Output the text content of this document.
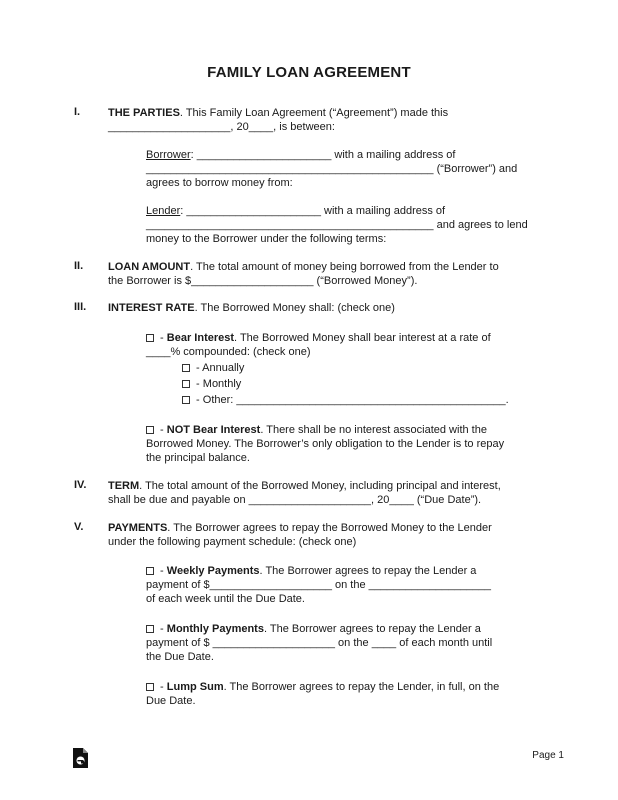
FAMILY LOAN AGREEMENT
I.	THE PARTIES. This Family Loan Agreement (“Agreement”) made this
____________________, 20____, is between:
Borrower: ______________________ with a mailing address of
_______________________________________________ (“Borrower”) and
agrees to borrow money from:
Lender: ______________________ with a mailing address of
_______________________________________________ and agrees to lend
money to the Borrower under the following terms:
II. LOAN AMOUNT. The total amount of money being borrowed from the Lender to
the Borrower is $____________________ (“Borrowed Money”).
III. INTEREST RATE. The Borrowed Money shall: (check one)
- Bear Interest. The Borrowed Money shall bear interest at a rate of
____% compounded: (check one)
- Annually
- Monthly
- Other: ____________________________________________.
- NOT Bear Interest. There shall be no interest associated with the
Borrowed Money. The Borrower’s only obligation to the Lender is to repay
the principal balance.
IV. TERM. The total amount of the Borrowed Money, including principal and interest,
shall be due and payable on ____________________, 20____ (“Due Date”).
V. PAYMENTS. The Borrower agrees to repay the Borrowed Money to the Lender
under the following payment schedule: (check one)
- Weekly Payments. The Borrower agrees to repay the Lender a
payment of $____________________ on the ____________________
of each week until the Due Date.
- Monthly Payments. The Borrower agrees to repay the Lender a
payment of $ ____________________ on the ____ of each month until
the Due Date.
- Lump Sum. The Borrower agrees to repay the Lender, in full, on the
Due Date.
Page 1
